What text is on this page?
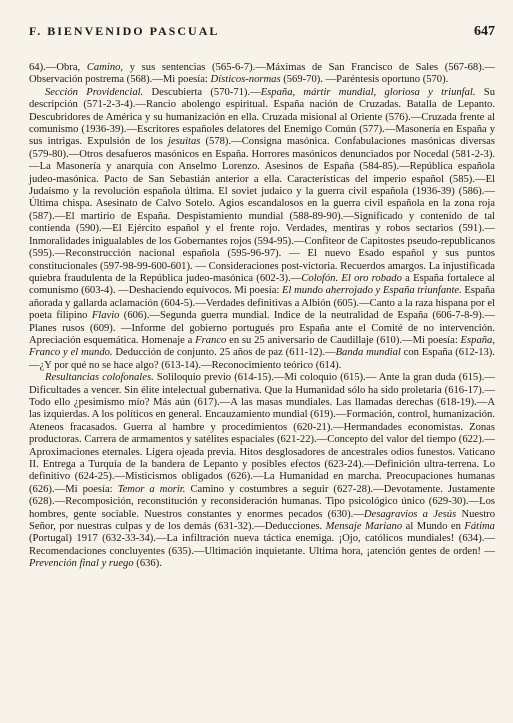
F. BIENVENIDO PASCUAL	647

64).—Obra, Camino, y sus sentencias (565-6-7).—Máximas de San Francisco de Sales (567-68).—Observación postrema (568).—Mi poesía: Dísticos-normas (569-70). —Paréntesis oportuno (570).

Sección Providencial. Descubierta (570-71).—España, mártir mundial, gloriosa y triunfal. Su descripción (571-2-3-4).—Rancio abolengo espiritual. España nación de Cruzadas. Batalla de Lepanto. Descubridores de América y su humanización en ella. Cruzada misional al Oriente (576).—Cruzada frente al comunismo (1936-39).—Escritores españoles delatores del Enemigo Común (577).—Masonería en España y sus intrigas. Expulsión de los jesuitas (578).—Consigna masónica. Confabulaciones masónicas diversas (579-80).—Otros desafueros masónicos en España. Horrores masónicos denunciados por Nocedal (581-2-3).—La Masonería y anarquía con Anselmo Lorenzo. Asesinos de España (584-85).—República española judeo-masónica. Pacto de San Sebastián anterior a ella. Características del imperio español (585).—El Judaísmo y la revolución española última. El soviet judaico y la guerra civil española (1936-39) (586).—Última chispa. Asesinato de Calvo Sotelo. Agios escandalosos en la guerra civil española en la zona roja (587).—El martirio de España. Despistamiento mundial (588-89-90).—Significado y contenido de tal contienda (590).—El Ejército español y el frente rojo. Verdades, mentiras y robos sectarios (591).—Inmoralidades inigualables de los Gobernantes rojos (594-95).—Confiteor de Capitostes pseudo-republicanos (595).—Reconstrucción nacional española (595-96-97). — El nuevo Esado español y sus puntos constitucionales (597-98-99-600-601). — Consideraciones post-victoria. Recuerdos amargos. La injustificada quiebra fraudulenta de la República judeo-masónica (602-3).—Colofón. El oro robado a España fortalece al comunismo (603-4). —Deshaciendo equívocos. Mi poesía: El mundo aherrojado y España triunfante. España añorada y gallarda aclamación (604-5).—Verdades definitivas a Albión (605).—Canto a la raza hispana por el poeta filipino Flavio (606).—Segunda guerra mundial. Indice de la neutralidad de España (606-7-8-9).—Planes rusos (609). —Informe del gobierno portugués pro España ante el Comité de no intervención. Apreciación esquemática. Homenaje a Franco en su 25 aniversario de Caudillaje (610).—Mi poesía: España, Franco y el mundo. Deducción de conjunto. 25 años de paz (611-12).—Banda mundial con España (612-13).—¿Y por qué no se hace algo? (613-14).—Reconocimiento teórico (614).

Resultancias colofonales. Soliloquio previo (614-15).—Mi coloquio (615).— Ante la gran duda (615).—Dificultades a vencer. Sin élite intelectual gubernativa. Que la Humanidad sólo ha sido proletaria (616-17).—Todo ello ¿pesimismo mío? Más aún (617).—A las masas mundiales. Las llamadas derechas (618-19).—A las izquierdas. A los políticos en general. Encauzamiento mundial (619).—Formación, control, humanización. Ateneos fracasados. Guerra al hambre y procedimientos (620-21).—Hermandades economistas. Zonas productoras. Carrera de armamentos y satélites espaciales (621-22).—Concepto del valor del tiempo (622).—Aproximaciones eternales. Ligera ojeada previa. Hitos desglosadores de ancestrales odios funestos. Vaticano II. Entrega a Turquía de la bandera de Lepanto y posibles efectos (623-24).—Definición ultra-terrena. Lo definitivo (624-25).—Misticismos obligados (626).—La Humanidad en marcha. Preocupaciones humanas (626).—Mi poesía: Temor a morir. Camino y costumbres a seguir (627-28).—Devotamente. Justamente (628).—Recomposición, reconstitución y reconsideración humanas. Tipo psicológico único (629-30).—Los hombres, gente sociable. Nuestros constantes y enormes pecados (630).—Desagravios a Jesús Nuestro Señor, por nuestras culpas y de los demás (631-32).—Deducciones. Mensaje Mariano al Mundo en Fátima (Portugal) 1917 (632-33-34).—La infiltración nueva táctica enemiga. ¡Ojo, católicos mundiales! (634).—Recomendaciones concluyentes (635).—Ultimación inquietante. Ultima hora, ¡atención gentes de orden! —Prevención final y ruego (636).
